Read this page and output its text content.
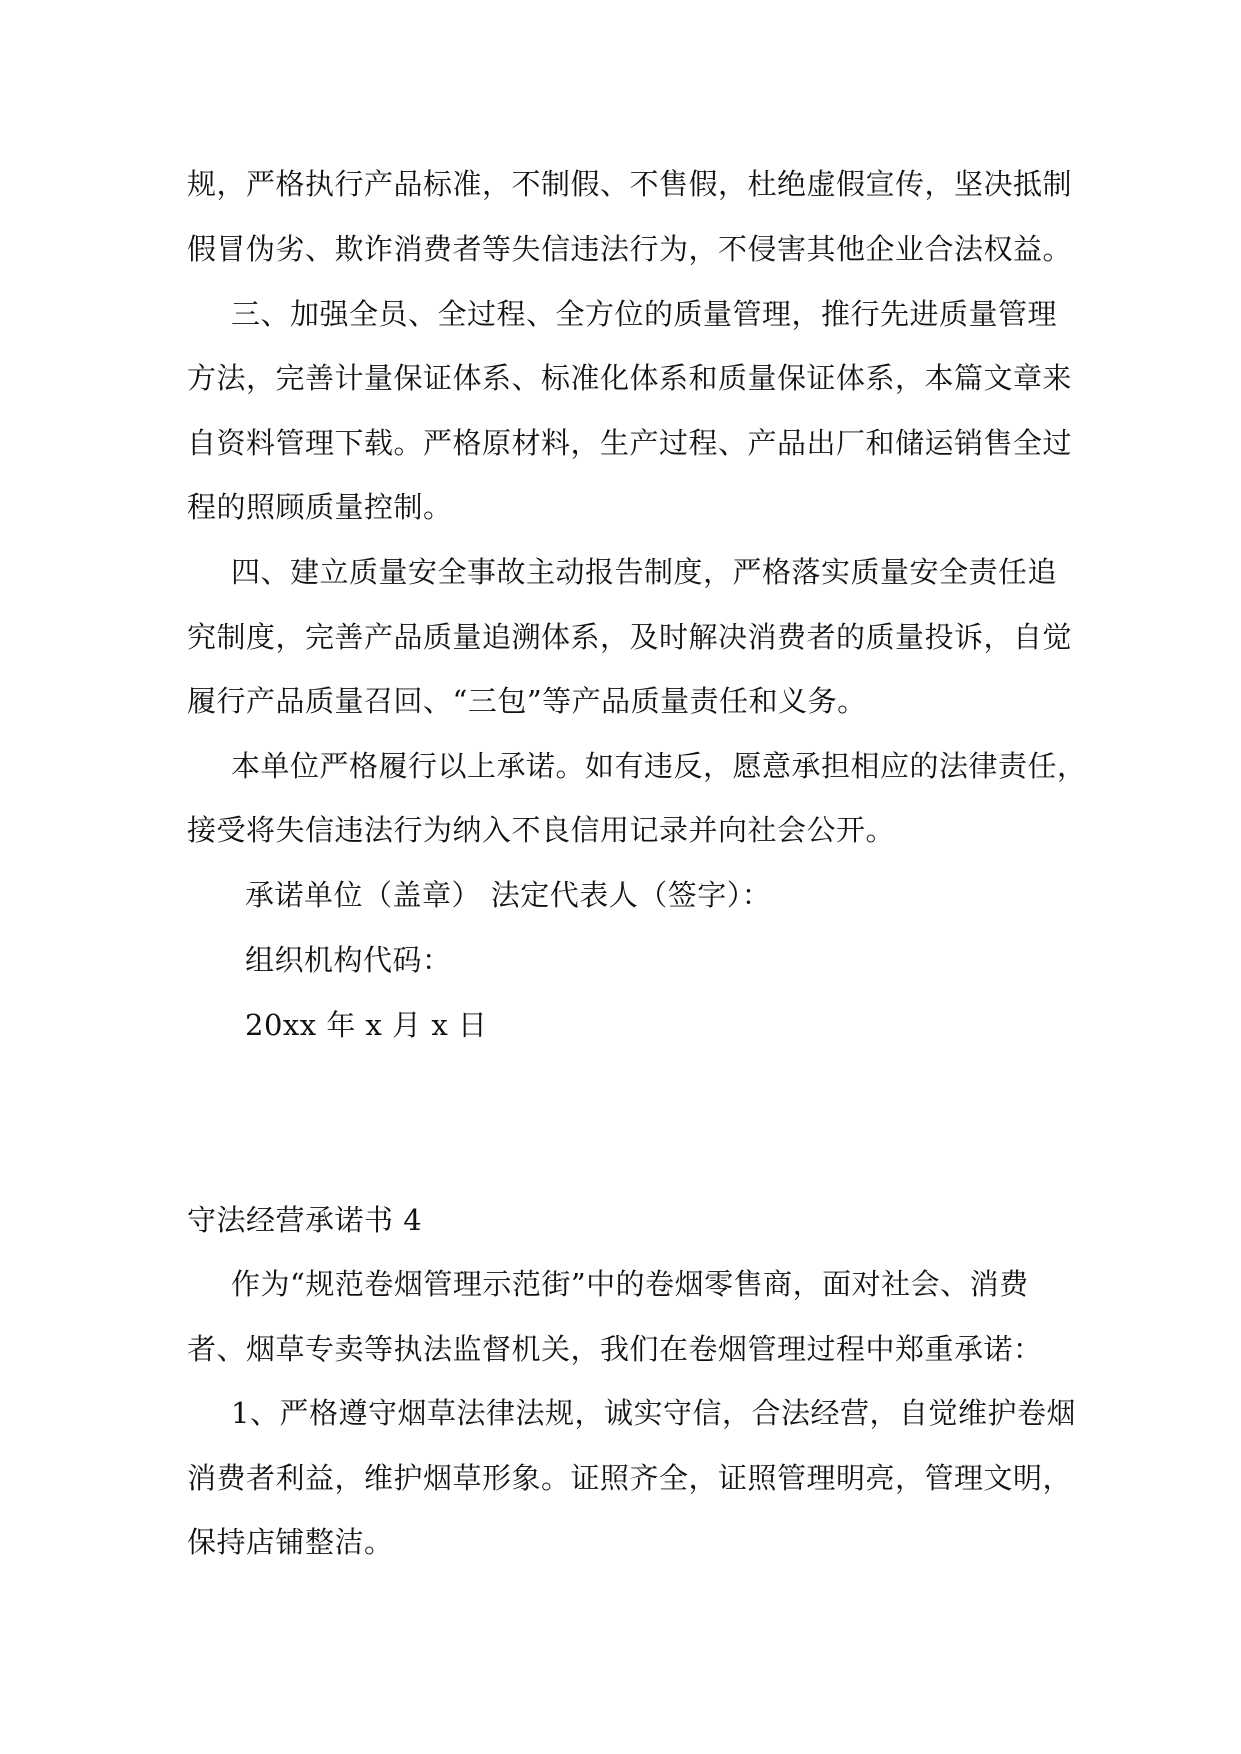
规，严格执行产品标准，不制假、不售假，杜绝虚假宣传，坚决抵制
假冒伪劣、欺诈消费者等失信违法行为，不侵害其他企业合法权益。
三、加强全员、全过程、全方位的质量管理，推行先进质量管理
方法，完善计量保证体系、标准化体系和质量保证体系，本篇文章来
自资料管理下载。严格原材料，生产过程、产品出厂和储运销售全过
程的照顾质量控制。
四、建立质量安全事故主动报告制度，严格落实质量安全责任追
究制度，完善产品质量追溯体系，及时解决消费者的质量投诉，自觉
履行产品质量召回、“三包”等产品质量责任和义务。
本单位严格履行以上承诺。如有违反，愿意承担相应的法律责任，
接受将失信违法行为纳入不良信用记录并向社会公开。
承诺单位（盖章） 法定代表人（签字）：
组织机构代码：
20xx 年 x 月 x 日
守法经营承诺书 4
作为“规范卷烟管理示范街”中的卷烟零售商，面对社会、消费
者、烟草专卖等执法监督机关，我们在卷烟管理过程中郑重承诺：
1、严格遵守烟草法律法规，诚实守信，合法经营，自觉维护卷烟
消费者利益，维护烟草形象。证照齐全，证照管理明亮，管理文明，
保持店铺整洁。
